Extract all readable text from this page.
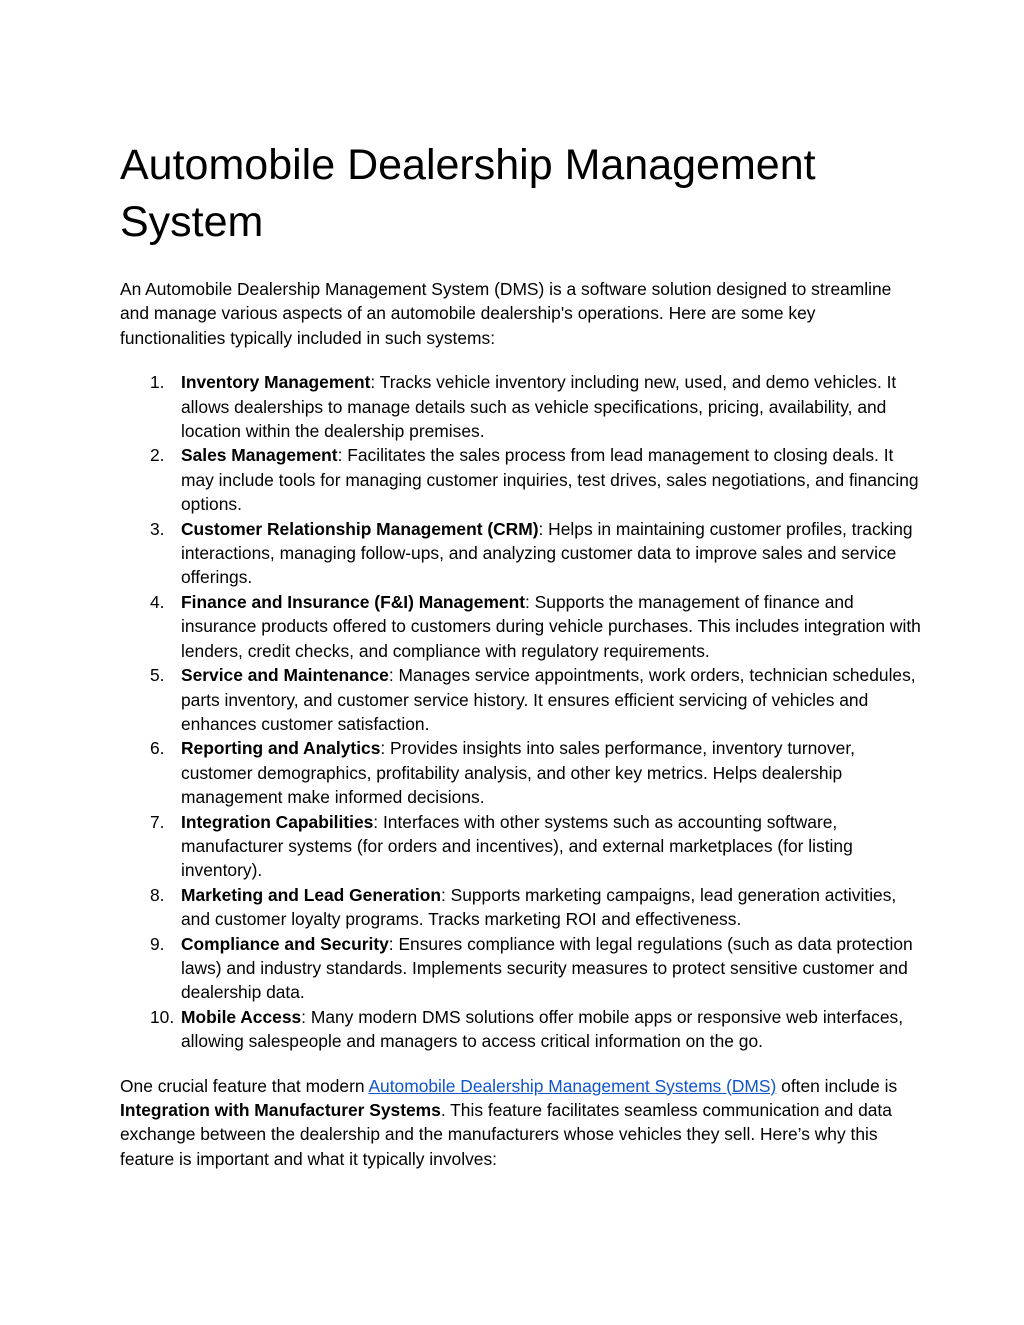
Automobile Dealership Management System

An Automobile Dealership Management System (DMS) is a software solution designed to streamline and manage various aspects of an automobile dealership's operations. Here are some key functionalities typically included in such systems:

1. Inventory Management: Tracks vehicle inventory including new, used, and demo vehicles. It allows dealerships to manage details such as vehicle specifications, pricing, availability, and location within the dealership premises.
2. Sales Management: Facilitates the sales process from lead management to closing deals. It may include tools for managing customer inquiries, test drives, sales negotiations, and financing options.
3. Customer Relationship Management (CRM): Helps in maintaining customer profiles, tracking interactions, managing follow-ups, and analyzing customer data to improve sales and service offerings.
4. Finance and Insurance (F&I) Management: Supports the management of finance and insurance products offered to customers during vehicle purchases. This includes integration with lenders, credit checks, and compliance with regulatory requirements.
5. Service and Maintenance: Manages service appointments, work orders, technician schedules, parts inventory, and customer service history. It ensures efficient servicing of vehicles and enhances customer satisfaction.
6. Reporting and Analytics: Provides insights into sales performance, inventory turnover, customer demographics, profitability analysis, and other key metrics. Helps dealership management make informed decisions.
7. Integration Capabilities: Interfaces with other systems such as accounting software, manufacturer systems (for orders and incentives), and external marketplaces (for listing inventory).
8. Marketing and Lead Generation: Supports marketing campaigns, lead generation activities, and customer loyalty programs. Tracks marketing ROI and effectiveness.
9. Compliance and Security: Ensures compliance with legal regulations (such as data protection laws) and industry standards. Implements security measures to protect sensitive customer and dealership data.
10. Mobile Access: Many modern DMS solutions offer mobile apps or responsive web interfaces, allowing salespeople and managers to access critical information on the go.

One crucial feature that modern Automobile Dealership Management Systems (DMS) often include is Integration with Manufacturer Systems. This feature facilitates seamless communication and data exchange between the dealership and the manufacturers whose vehicles they sell. Here’s why this feature is important and what it typically involves:
